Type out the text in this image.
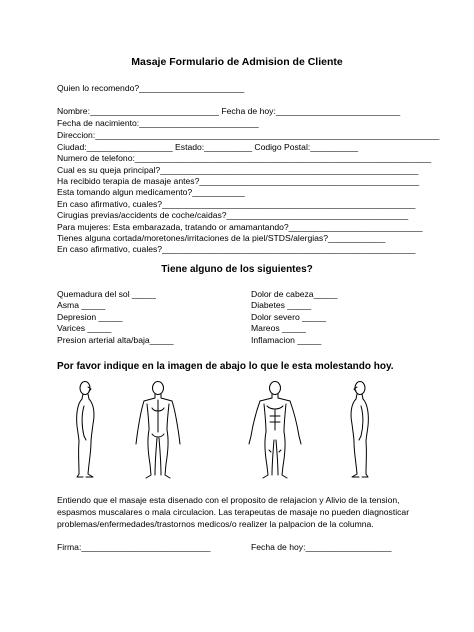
Masaje Formulario de Admision de Cliente
Quien lo recomendo?______________________
Nombre:___________________________ Fecha de hoy:__________________________
Fecha de nacimiento:_________________________
Direccion:________________________________________________________________________
Ciudad:__________________ Estado:__________ Codigo Postal:__________
Numero de telefono:______________________________________________________________
Cual es su queja principal?______________________________________________________
Ha recibido terapia de masaje antes?______________________________________________
Esta tomando algun medicamento?___________
En caso afirmativo, cuales?_____________________________________________________
Cirugias previas/accidents de coche/caidas?______________________________________
Para mujeres: Esta embarazada, tratando or amamantando?____________________________
Tienes alguna cortada/moretones/irritaciones de la piel/STDS/alergias?____________
En caso afirmativo, cuales?_____________________________________________________
Tiene alguno de los siguientes?
Quemadura del sol _____
Asma _____
Depresion _____
Varices _____
Presion arterial alta/baja_____
Dolor de cabeza_____
Diabetes _____
Dolor severo _____
Mareos _____
Inflamacion _____
Por favor indique en la imagen de abajo lo que le esta molestando hoy.
Entiendo que el masaje esta disenado con el proposito de relajacion y Alivio de la tension, espasmos muscalares o mala circulacion. Las terapeutas de masaje no pueden diagnosticar problemas/enfermedades/trastornos medicos/o realizer la palpacion de la columna.
Firma:___________________________	Fecha de hoy:__________________
